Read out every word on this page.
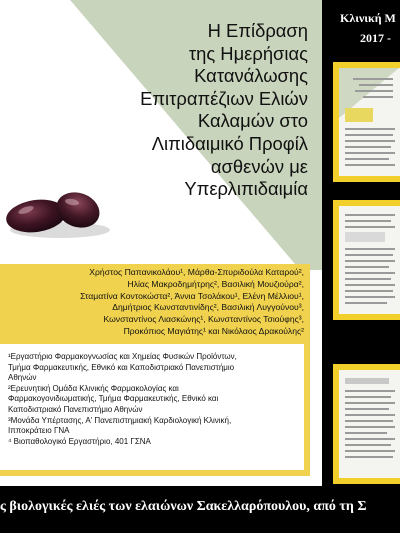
Η Επίδραση
της Ημερήσιας
Κατανάλωσης
Επιτραπέζιων Ελιών
Καλαμών στο
Λιπιδαιμικό Προφίλ
ασθενών με
Υπερλιπιδαιμία
Χρήστος Παπανικολάου¹, Μάρθα-Σπυριδούλα Καταρού²,
Ηλίας Μακροδημήτρης², Βασιλική Μουζιούρα²,
Σταματίνα Κοντοκώστα², Άννια Τσολάκου¹, Ελένη Μέλλιου¹,
Δημήτριος Κωνσταντινίδης², Βασιλική Λυγγούνου³,
Κωνσταντίνος Λιασκώνης¹, Κωνσταντίνος Τσιούφης³,
Προκόπιος Μαγιάτης¹ και Νικόλαος Δρακούλης²
¹Εργαστήριο Φαρμακογνωσίας και Χημείας Φυσικών Προϊόντων,
Τμήμα Φαρμακευτικής, Εθνικό και Καποδιστριακό Πανεπιστήμιο
Αθηνών
²Ερευνητική Ομάδα Κλινικής Φαρμακολογίας και
Φαρμακογονιδιωματικής, Τμήμα Φαρμακευτικής, Εθνικό και
Καποδιστριακό Πανεπιστήμιο Αθηνών
³Μονάδα Υπέρτασης, Α' Πανεπιστημιακή Καρδιολογική Κλινική,
Ιπποκράτειο ΓΝΑ
⁴ Βιοπαθολογικό Εργαστήριο, 401 ΓΣΝΑ
Κλινική Μ
2017 -
ς βιολογικές ελιές των ελαιώνων Σακελλαρόπουλου, από τη Σ
